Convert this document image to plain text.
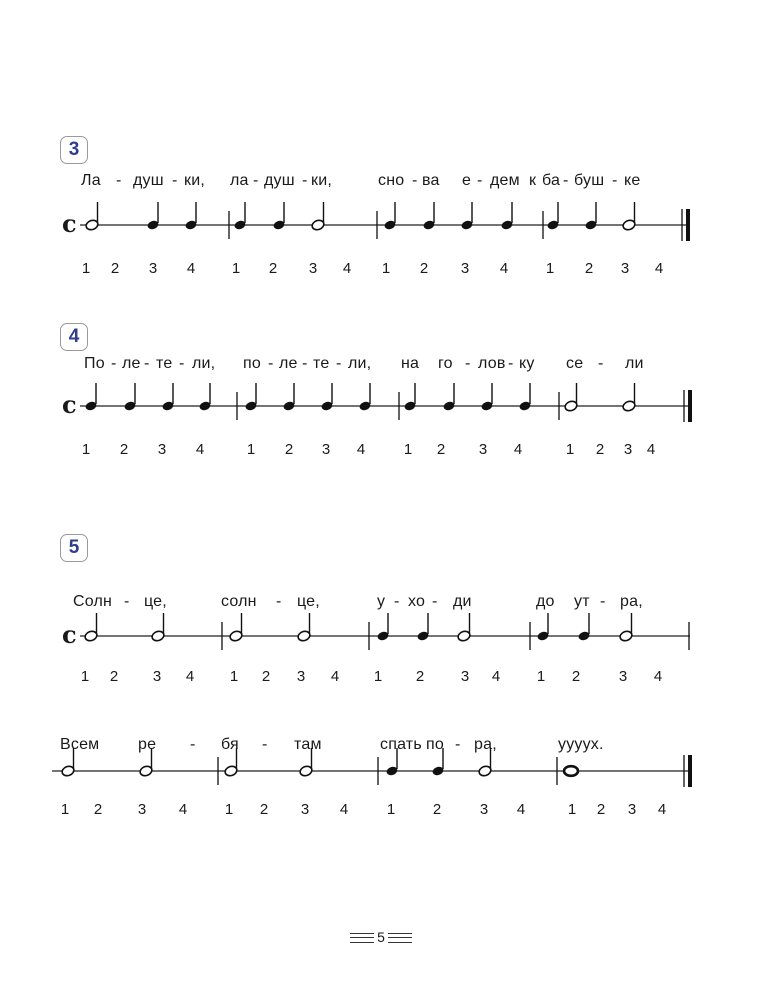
3
Ла - душ - ки, ла - душ - ки,	сно - ва е - дем к ба - буш - ке
c
1 2 3 4 1 2 3 4 1 2 3 4	1 2 3 4
4
По - ле - те - ли, по - ле - те - ли, на го - лов - ку се - ли
c
1 2 3 4	1 2 3 4	1 2 3 4	1 2 3 4
5
Солн - це,	солн - це,	у - хо - ди	до ут - ра,
c
1 2 3 4 1 2 3 4 1 2 3 4 1 2	3 4
Всем ре - бя - там	спать по - ра,	уууух.
1 2 3 4	1 2 3 4	1	2	3 4	1 2 3 4
5
